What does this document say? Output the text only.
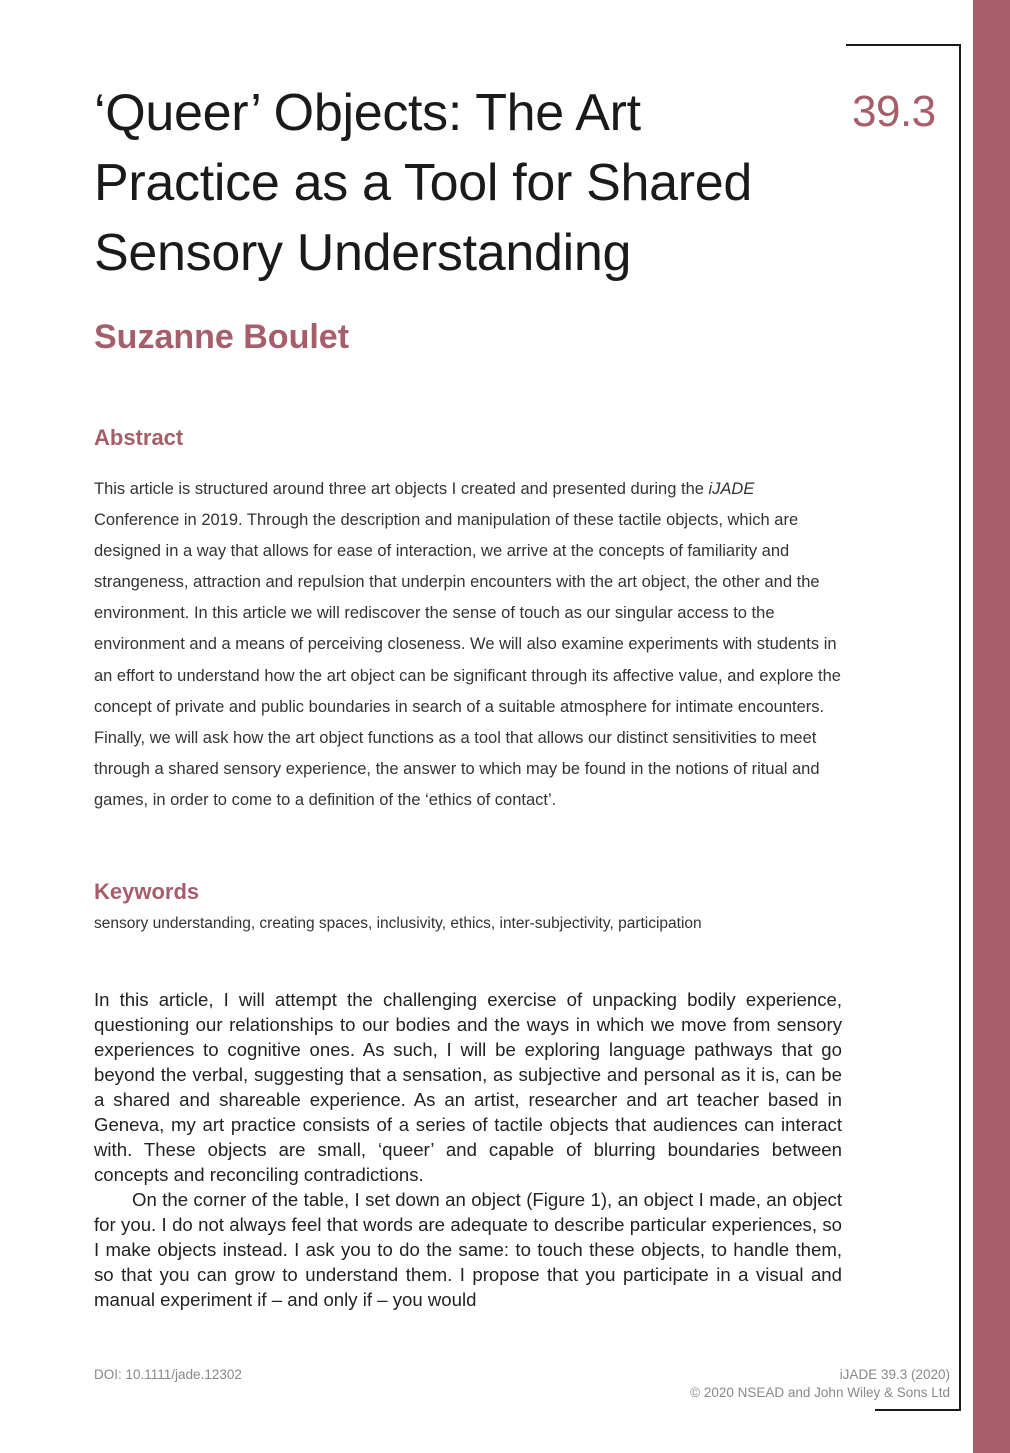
39.3
‘Queer’ Objects: The Art Practice as a Tool for Shared Sensory Understanding
Suzanne Boulet
Abstract

This article is structured around three art objects I created and presented during the iJADE Conference in 2019. Through the description and manipulation of these tactile objects, which are designed in a way that allows for ease of interaction, we arrive at the concepts of familiarity and strangeness, attraction and repulsion that underpin encounters with the art object, the other and the environment. In this article we will rediscover the sense of touch as our singular access to the environment and a means of perceiving closeness. We will also examine experiments with students in an effort to understand how the art object can be significant through its affective value, and explore the concept of private and public boundaries in search of a suitable atmosphere for intimate encounters. Finally, we will ask how the art object functions as a tool that allows our distinct sensitivities to meet through a shared sensory experience, the answer to which may be found in the notions of ritual and games, in order to come to a definition of the ‘ethics of contact’.

Keywords

sensory understanding, creating spaces, inclusivity, ethics, inter-subjectivity, participation

In this article, I will attempt the challenging exercise of unpacking bodily experience, questioning our relationships to our bodies and the ways in which we move from sensory experiences to cognitive ones. As such, I will be exploring language pathways that go beyond the verbal, suggesting that a sensation, as subjective and personal as it is, can be a shared and shareable experience. As an artist, researcher and art teacher based in Geneva, my art practice consists of a series of tactile objects that audiences can interact with. These objects are small, ‘queer’ and capable of blurring boundaries between concepts and reconciling contradictions.

On the corner of the table, I set down an object (Figure 1), an object I made, an object for you. I do not always feel that words are adequate to describe particular experiences, so I make objects instead. I ask you to do the same: to touch these objects, to handle them, so that you can grow to understand them. I propose that you participate in a visual and manual experiment if – and only if – you would

DOI: 10.1111/jade.12302	iJADE 39.3 (2020)
© 2020 NSEAD and John Wiley & Sons Ltd
